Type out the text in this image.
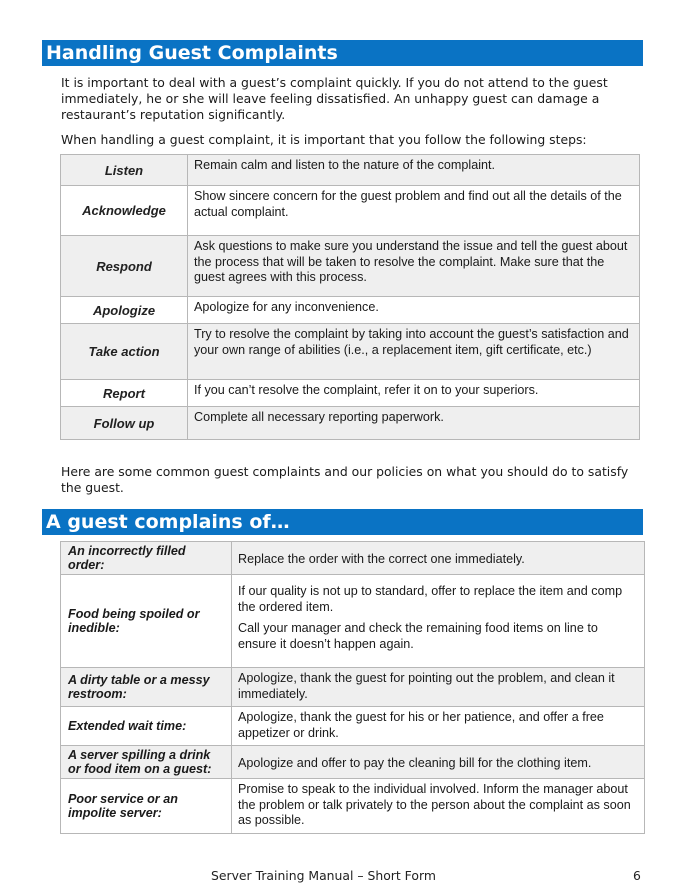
Handling Guest Complaints
It is important to deal with a guest’s complaint quickly. If you do not attend to the guest immediately, he or she will leave feeling dissatisfied. An unhappy guest can damage a restaurant’s reputation significantly.
When handling a guest complaint, it is important that you follow the following steps:
Listen	Remain calm and listen to the nature of the complaint.
Acknowledge	Show sincere concern for the guest problem and find out all the details of the actual complaint.
Respond	Ask questions to make sure you understand the issue and tell the guest about the process that will be taken to resolve the complaint. Make sure that the guest agrees with this process.
Apologize	Apologize for any inconvenience.
Take action	Try to resolve the complaint by taking into account the guest’s satisfaction and your own range of abilities (i.e., a replacement item, gift certificate, etc.)
Report	If you can’t resolve the complaint, refer it on to your superiors.
Follow up	Complete all necessary reporting paperwork.
Here are some common guest complaints and our policies on what you should do to satisfy the guest.
A guest complains of…
An incorrectly filled order:	Replace the order with the correct one immediately.
Food being spoiled or inedible:	If our quality is not up to standard, offer to replace the item and comp the ordered item.
Call your manager and check the remaining food items on line to ensure it doesn’t happen again.

A dirty table or a messy restroom:	Apologize, thank the guest for pointing out the problem, and clean it immediately.
Extended wait time:	Apologize, thank the guest for his or her patience, and offer a free appetizer or drink.
A server spilling a drink or food item on a guest:	Apologize and offer to pay the cleaning bill for the clothing item.
Poor service or an impolite server:	Promise to speak to the individual involved. Inform the manager about the problem or talk privately to the person about the complaint as soon as possible.
Server Training Manual – Short Form	6
